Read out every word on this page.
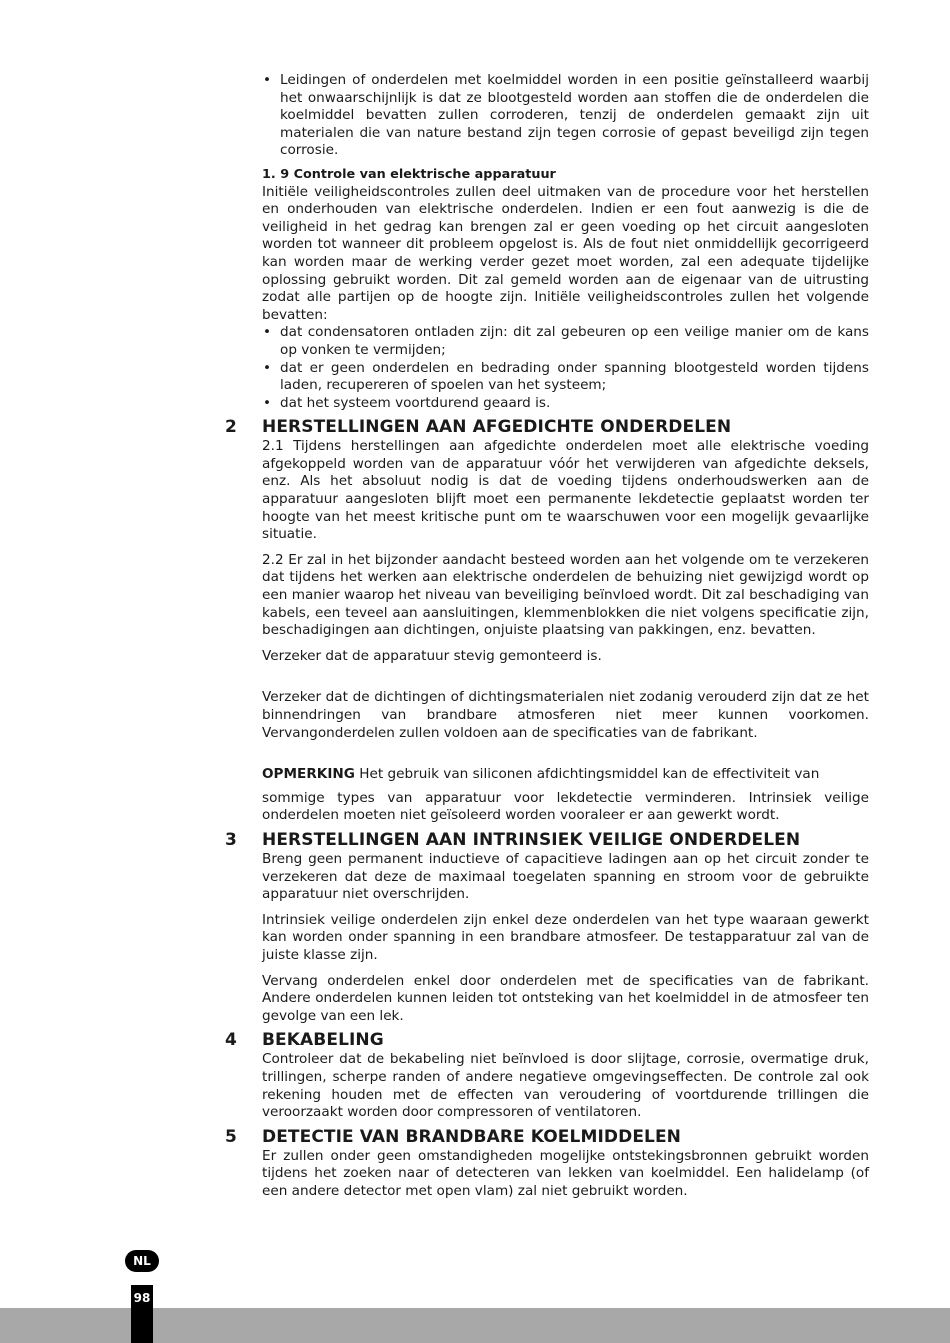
• Leidingen of onderdelen met koelmiddel worden in een positie geïnstalleerd waarbij het onwaarschijnlijk is dat ze blootgesteld worden aan stoffen die de onderdelen die koelmiddel bevatten zullen corroderen, tenzij de onderdelen gemaakt zijn uit materialen die van nature bestand zijn tegen corrosie of gepast beveiligd zijn tegen corrosie.

1. 9 Controle van elektrische apparatuur

Initiële veiligheidscontroles zullen deel uitmaken van de procedure voor het herstellen en onderhouden van elektrische onderdelen. Indien er een fout aanwezig is die de veiligheid in het gedrag kan brengen zal er geen voeding op het circuit aangesloten worden tot wanneer dit probleem opgelost is. Als de fout niet onmiddellijk gecorrigeerd kan worden maar de werking verder gezet moet worden, zal een adequate tijdelijke oplossing gebruikt worden. Dit zal gemeld worden aan de eigenaar van de uitrusting zodat alle partijen op de hoogte zijn. Initiële veiligheidscontroles zullen het volgende bevatten:

• dat condensatoren ontladen zijn: dit zal gebeuren op een veilige manier om de kans op vonken te vermijden;
• dat er geen onderdelen en bedrading onder spanning blootgesteld worden tijdens laden, recupereren of spoelen van het systeem;
• dat het systeem voortdurend geaard is.
2 HERSTELLINGEN AAN AFGEDICHTE ONDERDELEN

2.1 Tijdens herstellingen aan afgedichte onderdelen moet alle elektrische voeding afgekoppeld worden van de apparatuur vóór het verwijderen van afgedichte deksels, enz. Als het absoluut nodig is dat de voeding tijdens onderhoudswerken aan de apparatuur aangesloten blijft moet een permanente lekdetectie geplaatst worden ter hoogte van het meest kritische punt om te waarschuwen voor een mogelijk gevaarlijke situatie.

2.2 Er zal in het bijzonder aandacht besteed worden aan het volgende om te verzekeren dat tijdens het werken aan elektrische onderdelen de behuizing niet gewijzigd wordt op een manier waarop het niveau van beveiliging beïnvloed wordt. Dit zal beschadiging van kabels, een teveel aan aansluitingen, klemmenblokken die niet volgens specificatie zijn, beschadigingen aan dichtingen, onjuiste plaatsing van pakkingen, enz. bevatten.

Verzeker dat de apparatuur stevig gemonteerd is.

Verzeker dat de dichtingen of dichtingsmaterialen niet zodanig verouderd zijn dat ze het binnendringen van brandbare atmosferen niet meer kunnen voorkomen. Vervangonderdelen zullen voldoen aan de specificaties van de fabrikant.

OPMERKING Het gebruik van siliconen afdichtingsmiddel kan de effectiviteit van

sommige types van apparatuur voor lekdetectie verminderen. Intrinsiek veilige onderdelen moeten niet geïsoleerd worden vooraleer er aan gewerkt wordt.

3 HERSTELLINGEN AAN INTRINSIEK VEILIGE ONDERDELEN

Breng geen permanent inductieve of capacitieve ladingen aan op het circuit zonder te verzekeren dat deze de maximaal toegelaten spanning en stroom voor de gebruikte apparatuur niet overschrijden.

Intrinsiek veilige onderdelen zijn enkel deze onderdelen van het type waaraan gewerkt kan worden onder spanning in een brandbare atmosfeer. De testapparatuur zal van de juiste klasse zijn.

Vervang onderdelen enkel door onderdelen met de specificaties van de fabrikant. Andere onderdelen kunnen leiden tot ontsteking van het koelmiddel in de atmosfeer ten gevolge van een lek.

4 BEKABELING

Controleer dat de bekabeling niet beïnvloed is door slijtage, corrosie, overmatige druk, trillingen, scherpe randen of andere negatieve omgevingseffecten. De controle zal ook rekening houden met de effecten van veroudering of voortdurende trillingen die veroorzaakt worden door compressoren of ventilatoren.

5 DETECTIE VAN BRANDBARE KOELMIDDELEN

Er zullen onder geen omstandigheden mogelijke ontstekingsbronnen gebruikt worden tijdens het zoeken naar of detecteren van lekken van koelmiddel. Een halidelamp (of een andere detector met open vlam) zal niet gebruikt worden.

NL
98
